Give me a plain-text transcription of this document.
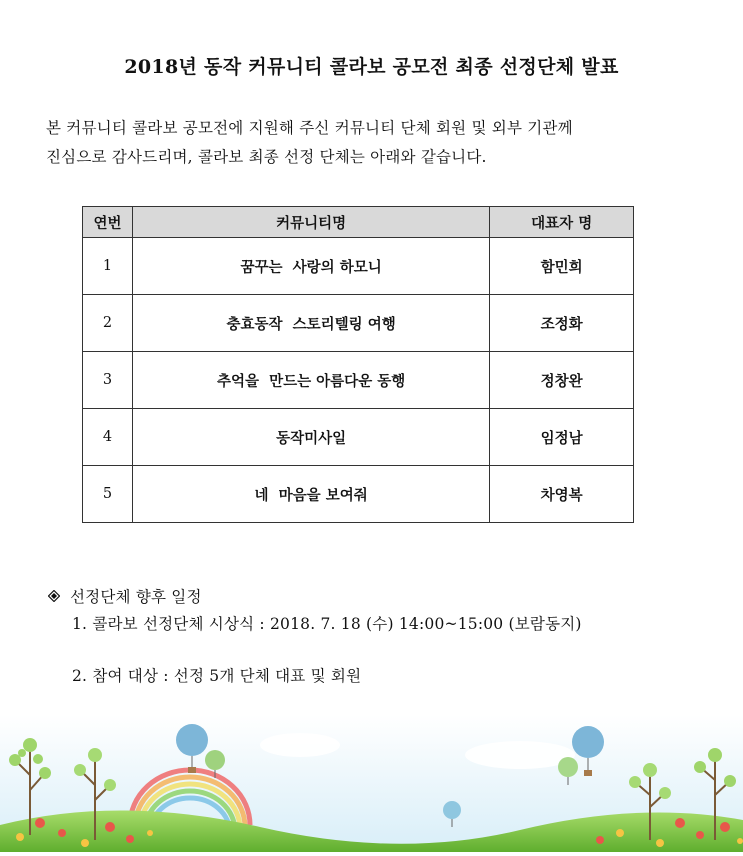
2018년 동작 커뮤니티 콜라보 공모전 최종 선정단체 발표

본 커뮤니티 콜라보 공모전에 지원해 주신 커뮤니티 단체 회원 및 외부 기관께

진심으로 감사드리며, 콜라보 최종 선정 단체는 아래와 같습니다.

연번	커뮤니티명	대표자 명
1	꿈꾸는  사랑의 하모니	함민희
2	충효동작  스토리텔링 여행	조정화
3	추억을  만드는 아름다운 동행	정창완
4	동작미사일	임정남
5	네  마음을 보여줘	차영복
선정단체 향후 일정
1. 콜라보 선정단체 시상식 : 2018. 7. 18 (수) 14:00~15:00 (보람동지)
2. 참여 대상 : 선정 5개 단체 대표 및 회원
